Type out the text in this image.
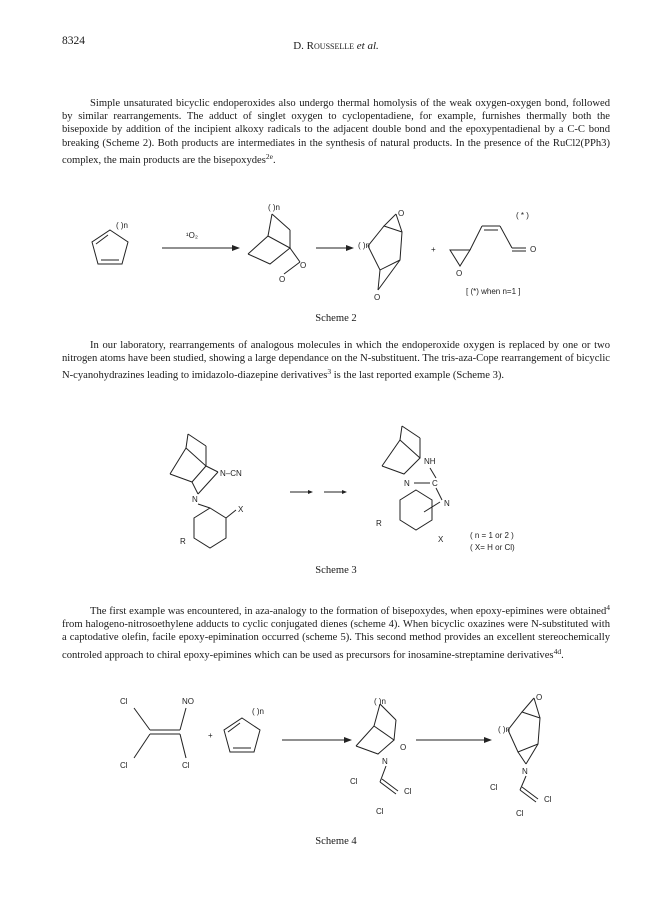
8324	D. Rousselle et al.

Simple unsaturated bicyclic endoperoxides also undergo thermal homolysis of the weak oxygen-oxygen bond, followed by similar rearrangements. The adduct of singlet oxygen to cyclopentadiene, for example, furnishes thermally both the bisepoxide by addition of the incipient alkoxy radicals to the adjacent double bond and the epoxypentadienal by a C-C bond breaking (Scheme 2). Both products are intermediates in the synthesis of natural products. In the presence of the RuCl2(PPh3) complex, the main products are the bisepoxydes$^{2e}$.

( )n
¹O₂
O
O
( )n
O
O
( )n	+	O
O
( * )
[ (*) when n=1 ]
Scheme 2

In our laboratory, rearrangements of analogous molecules in which the endoperoxide oxygen is replaced by one or two nitrogen atoms have been studied, showing a large dependance on the N-substituent. The tris-aza-Cope rearrangement of bicyclic N-cyanohydrazines leading to imidazolo-diazepine derivatives$^3$ is the last reported example (Scheme 3).

N–CN
N
X
R
NH
N	C
N
R
X	( n = 1 or 2 )
( X= H or Cl)
Scheme 3

The first example was encountered, in aza-analogy to the formation of bisepoxydes, when epoxy-epimines were obtained$^4$ from halogeno-nitrosoethylene adducts to cyclic conjugated dienes (scheme 4). When bicyclic oxazines were N-substituted with a captodative olefin, facile epoxy-epimination occurred (scheme 5). This second method provides an excellent stereochemically controled approach to chiral epoxy-epimines which can be used as precursors for inosamine-streptamine derivatives$^{4d}$.

Cl	NO
Cl	Cl
+
( )n
O
N
Cl
Cl
Cl
( )n	O
N
Cl
Cl
Cl
( )n
Scheme 4
